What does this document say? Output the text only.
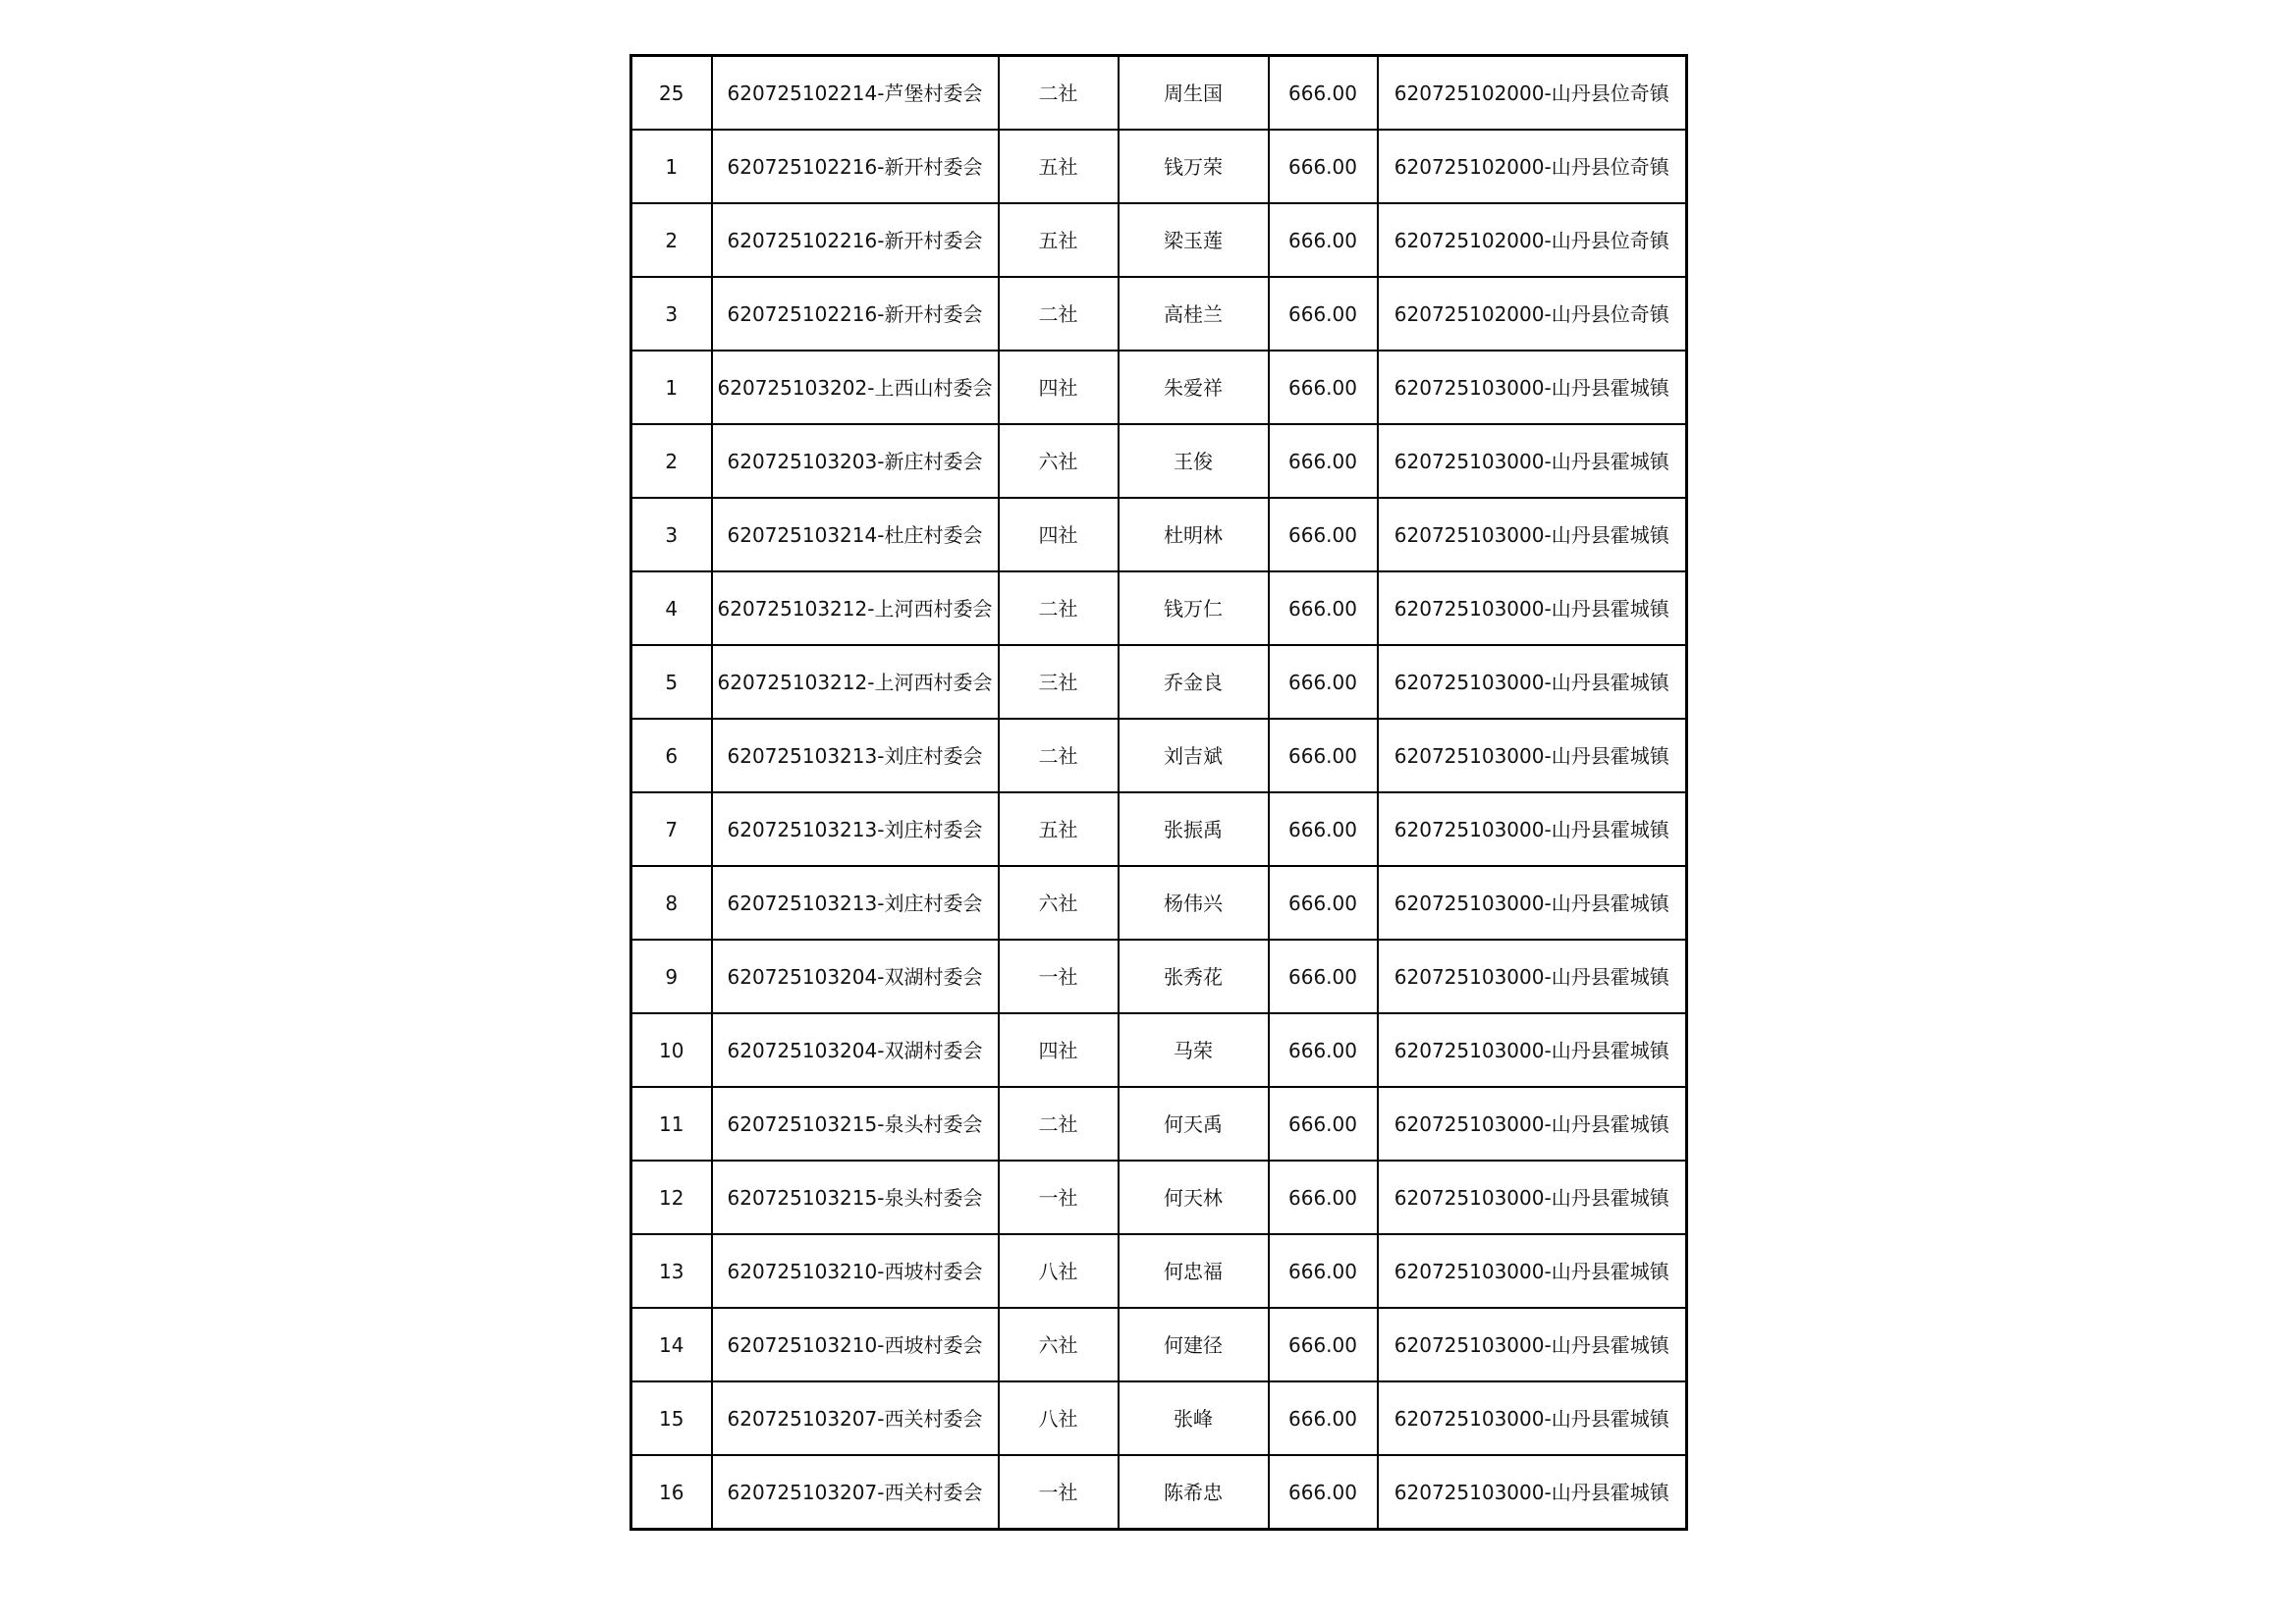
25	620725102214-芦堡村委会	二社	周生国	666.00	620725102000-山丹县位奇镇
1	620725102216-新开村委会	五社	钱万荣	666.00	620725102000-山丹县位奇镇
2	620725102216-新开村委会	五社	梁玉莲	666.00	620725102000-山丹县位奇镇
3	620725102216-新开村委会	二社	高桂兰	666.00	620725102000-山丹县位奇镇
1	620725103202-上西山村委会	四社	朱爱祥	666.00	620725103000-山丹县霍城镇
2	620725103203-新庄村委会	六社	王俊	666.00	620725103000-山丹县霍城镇
3	620725103214-杜庄村委会	四社	杜明林	666.00	620725103000-山丹县霍城镇
4	620725103212-上河西村委会	二社	钱万仁	666.00	620725103000-山丹县霍城镇
5	620725103212-上河西村委会	三社	乔金良	666.00	620725103000-山丹县霍城镇
6	620725103213-刘庄村委会	二社	刘吉斌	666.00	620725103000-山丹县霍城镇
7	620725103213-刘庄村委会	五社	张振禹	666.00	620725103000-山丹县霍城镇
8	620725103213-刘庄村委会	六社	杨伟兴	666.00	620725103000-山丹县霍城镇
9	620725103204-双湖村委会	一社	张秀花	666.00	620725103000-山丹县霍城镇
10	620725103204-双湖村委会	四社	马荣	666.00	620725103000-山丹县霍城镇
11	620725103215-泉头村委会	二社	何天禹	666.00	620725103000-山丹县霍城镇
12	620725103215-泉头村委会	一社	何天林	666.00	620725103000-山丹县霍城镇
13	620725103210-西坡村委会	八社	何忠福	666.00	620725103000-山丹县霍城镇
14	620725103210-西坡村委会	六社	何建径	666.00	620725103000-山丹县霍城镇
15	620725103207-西关村委会	八社	张峰	666.00	620725103000-山丹县霍城镇
16	620725103207-西关村委会	一社	陈希忠	666.00	620725103000-山丹县霍城镇
